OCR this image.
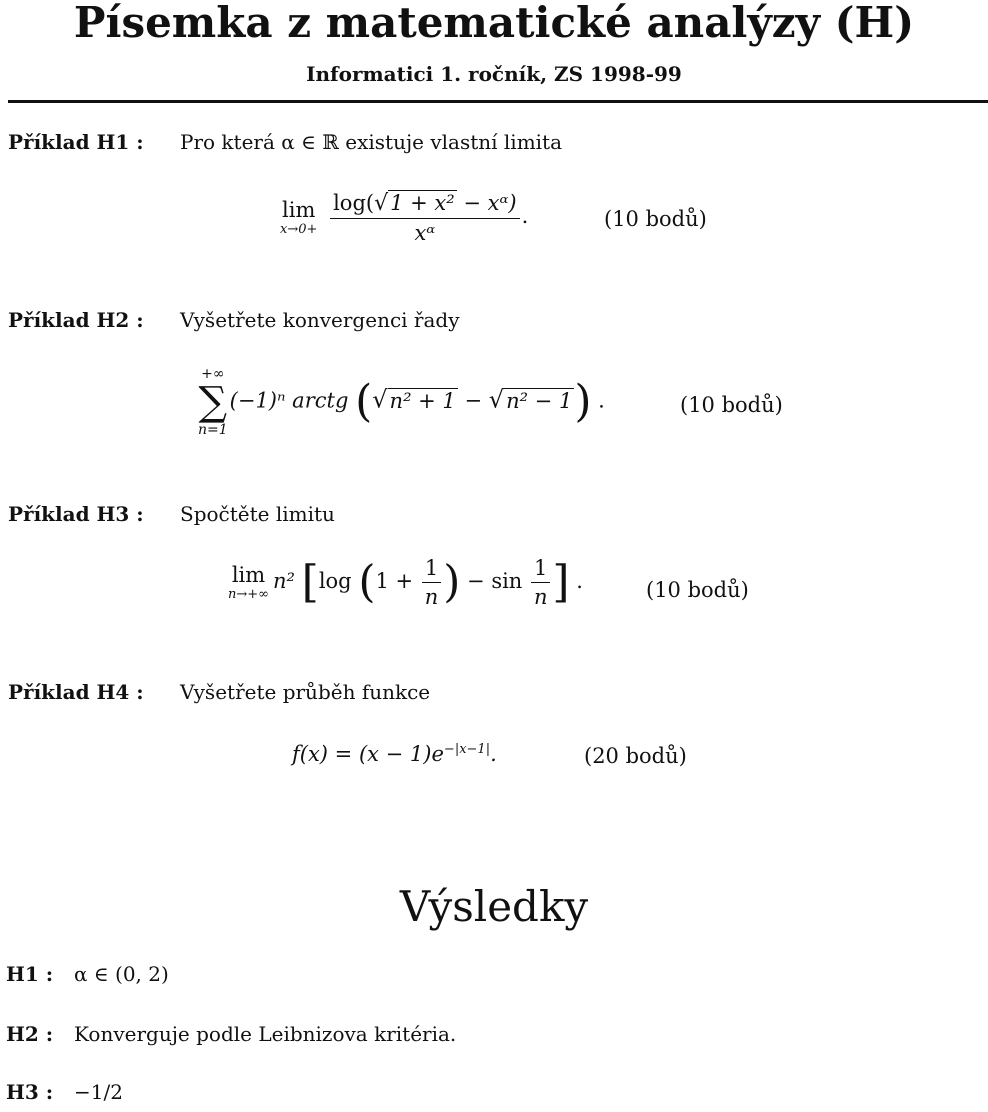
Písemka z matematické analýzy (H)
Informatici 1. ročník, ZS 1998-99
Příklad H1 : Pro která α ∈ ℝ existuje vlastní limita
lim
x→0+
$\frac{\text{log(√1 + x² − xᵅ)}}{\text{xᵅ}}$ .	(10 bodů)
Příklad H2 : Vyšetřete konvergenci řady
+∞
∑
n=1
(−1)ⁿ arctg (√n² + 1 − √n² − 1) .	(10 bodů)
Příklad H3 : Spočtěte limitu
lim
n→+∞
n² [log ($1 + \frac{1}{n}$ ) − $\sin \frac{1}{n}$ ] .	(10 bodů)
Příklad H4 : Vyšetřete průběh funkce
$f(x) = (x - 1)e^{-|x-1|}$.	(20 bodů)
Výsledky
H1 : α ∈ (0, 2)
H2 : Konverguje podle Leibnizova kritéria.
H3 : −1/2
